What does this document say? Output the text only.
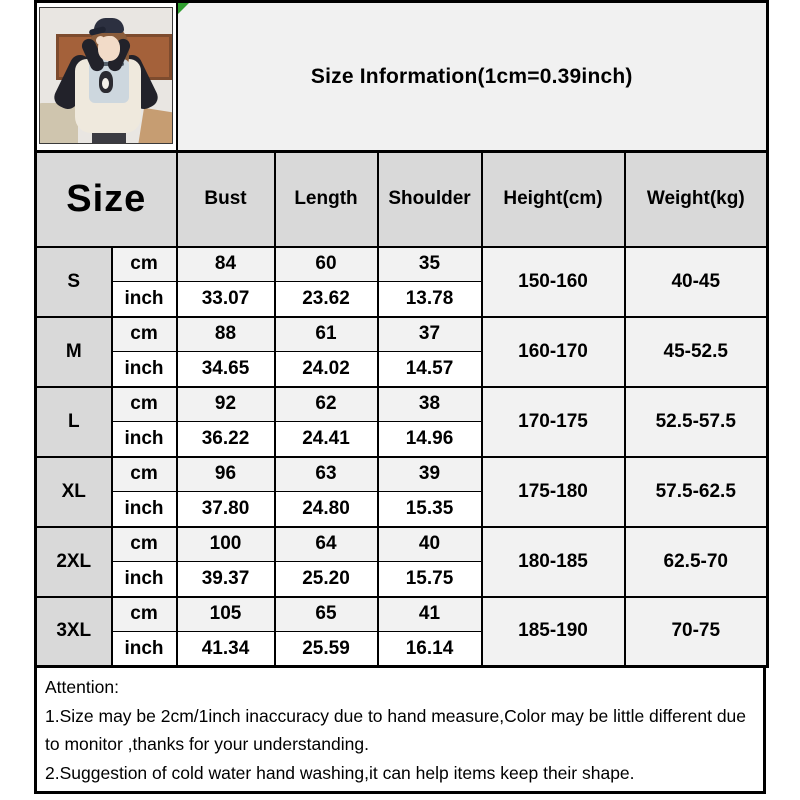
Size Information(1cm=0.39inch)				
Size		Bust	Length	Shoulder	Height(cm)	Weight(kg)
S	cm	84	60	35	150-160	40-45
	inch	33.07	23.62	13.78		
M	cm	88	61	37	160-170	45-52.5
	inch	34.65	24.02	14.57		
L	cm	92	62	38	170-175	52.5-57.5
	inch	36.22	24.41	14.96		
XL	cm	96	63	39	175-180	57.5-62.5
	inch	37.80	24.80	15.35		
2XL	cm	100	64	40	180-185	62.5-70
	inch	39.37	25.20	15.75		
3XL	cm	105	65	41	185-190	70-75
	inch	41.34	25.59	16.14		

Attention:

1.Size may be 2cm/1inch inaccuracy due to hand measure,Color may be little different due to monitor ,thanks for your understanding.

2.Suggestion of cold water hand washing,it can help items keep their shape.
